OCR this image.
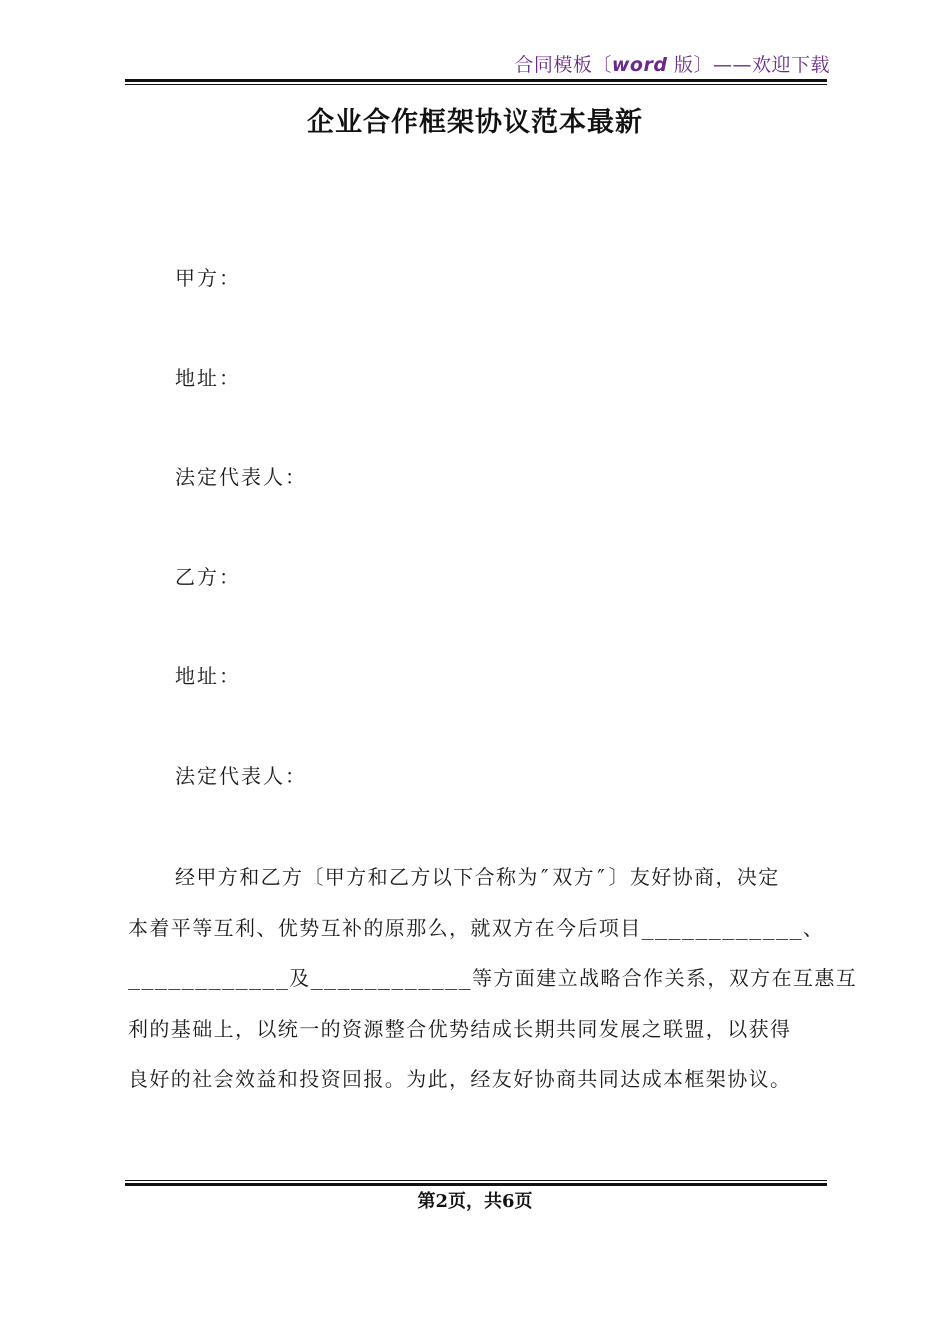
合同模板〔word 版〕——欢迎下载
企业合作框架协议范本最新
甲方：
地址：
法定代表人：
乙方：
地址：
法定代表人：
经甲方和乙方〔甲方和乙方以下合称为″双方″〕友好协商，决定
本着平等互利、优势互补的原那么，就双方在今后项目____________、
____________及____________等方面建立战略合作关系，双方在互惠互
利的基础上，以统一的资源整合优势结成长期共同发展之联盟，以获得
良好的社会效益和投资回报。为此，经友好协商共同达成本框架协议。
第2页，共6页
